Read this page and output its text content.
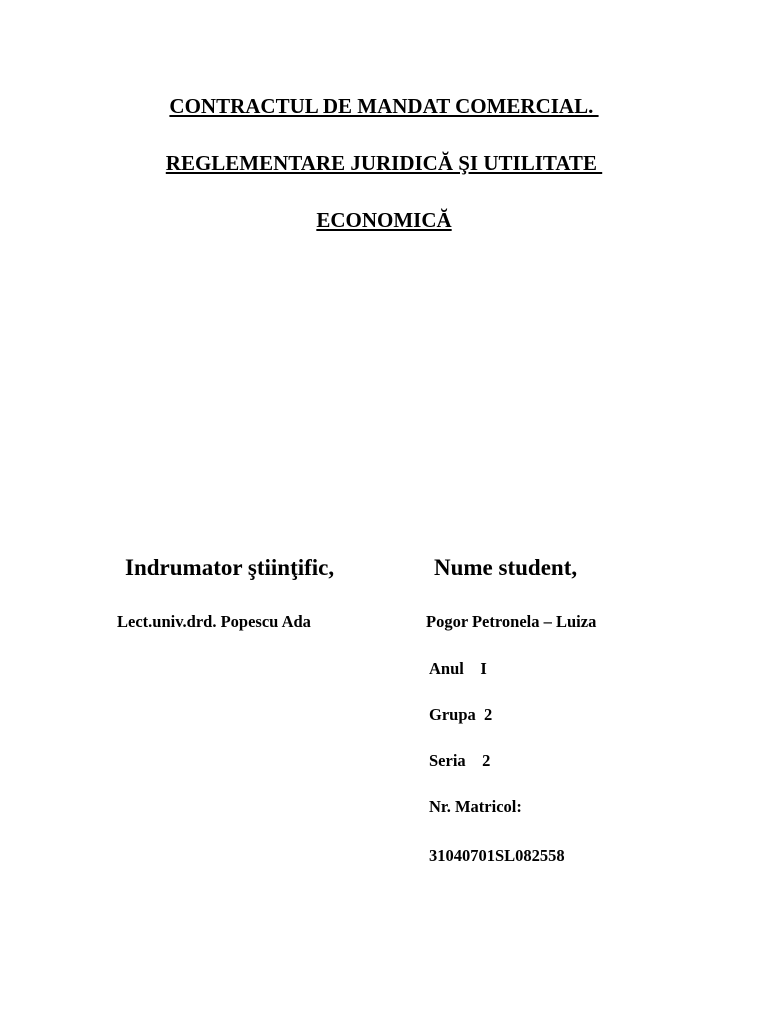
CONTRACTUL DE MANDAT COMERCIAL.
REGLEMENTARE JURIDICĂ ŞI UTILITATE
ECONOMICĂ
Indrumator ştiinţific,	Nume student,
Lect.univ.drd. Popescu Ada	Pogor Petronela – Luiza
Anul    I
Grupa  2
Seria    2
Nr. Matricol:
31040701SL082558
